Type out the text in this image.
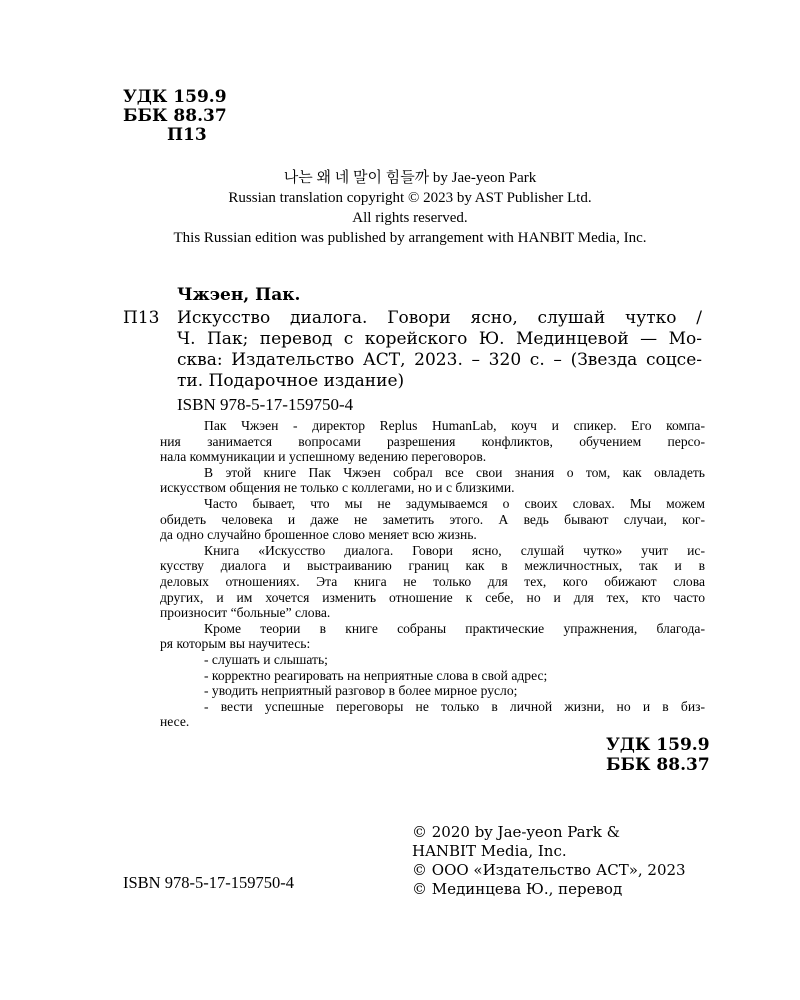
УДК 159.9
ББК 88.37
П13
나는 왜 네 말이 힘들까 by Jae-yeon Park
Russian translation copyright © 2023 by AST Publisher Ltd.
All rights reserved.
This Russian edition was published by arrangement with HANBIT Media, Inc.
Чжэен, Пак.
П13 Искусство диалога. Говори ясно, слушай чутко /
Ч. Пак; перевод с корейского Ю. Мединцевой — Мо-
сква: Издательство АСТ, 2023. – 320 с. – (Звезда соцсе-
ти. Подарочное издание)
ISBN 978-5-17-159750-4
Пак Чжэен - директор Replus HumanLab, коуч и спикер. Его компа-
ния занимается вопросами разрешения конфликтов, обучением персо-
нала коммуникации и успешному ведению переговоров.
В этой книге Пак Чжэен собрал все свои знания о том, как овладеть
искусством общения не только с коллегами, но и с близкими.
Часто бывает, что мы не задумываемся о своих словах. Мы можем
обидеть человека и даже не заметить этого. А ведь бывают случаи, ког-
да одно случайно брошенное слово меняет всю жизнь.
Книга «Искусство диалога. Говори ясно, слушай чутко» учит ис-
кусству диалога и выстраиванию границ как в межличностных, так и в
деловых отношениях. Эта книга не только для тех, кого обижают слова
других, и им хочется изменить отношение к себе, но и для тех, кто часто
произносит “больные” слова.
Кроме теории в книге собраны практические упражнения, благода-
ря которым вы научитесь:
- слушать и слышать;
- корректно реагировать на неприятные слова в свой адрес;
- уводить неприятный разговор в более мирное русло;
- вести успешные переговоры не только в личной жизни, но и в биз-
несе.
УДК 159.9
ББК 88.37
ISBN 978-5-17-159750-4
© 2020 by Jae-yeon Park &
HANBIT Media, Inc.
© ООО «Издательство АСТ», 2023
© Мединцева Ю., перевод
